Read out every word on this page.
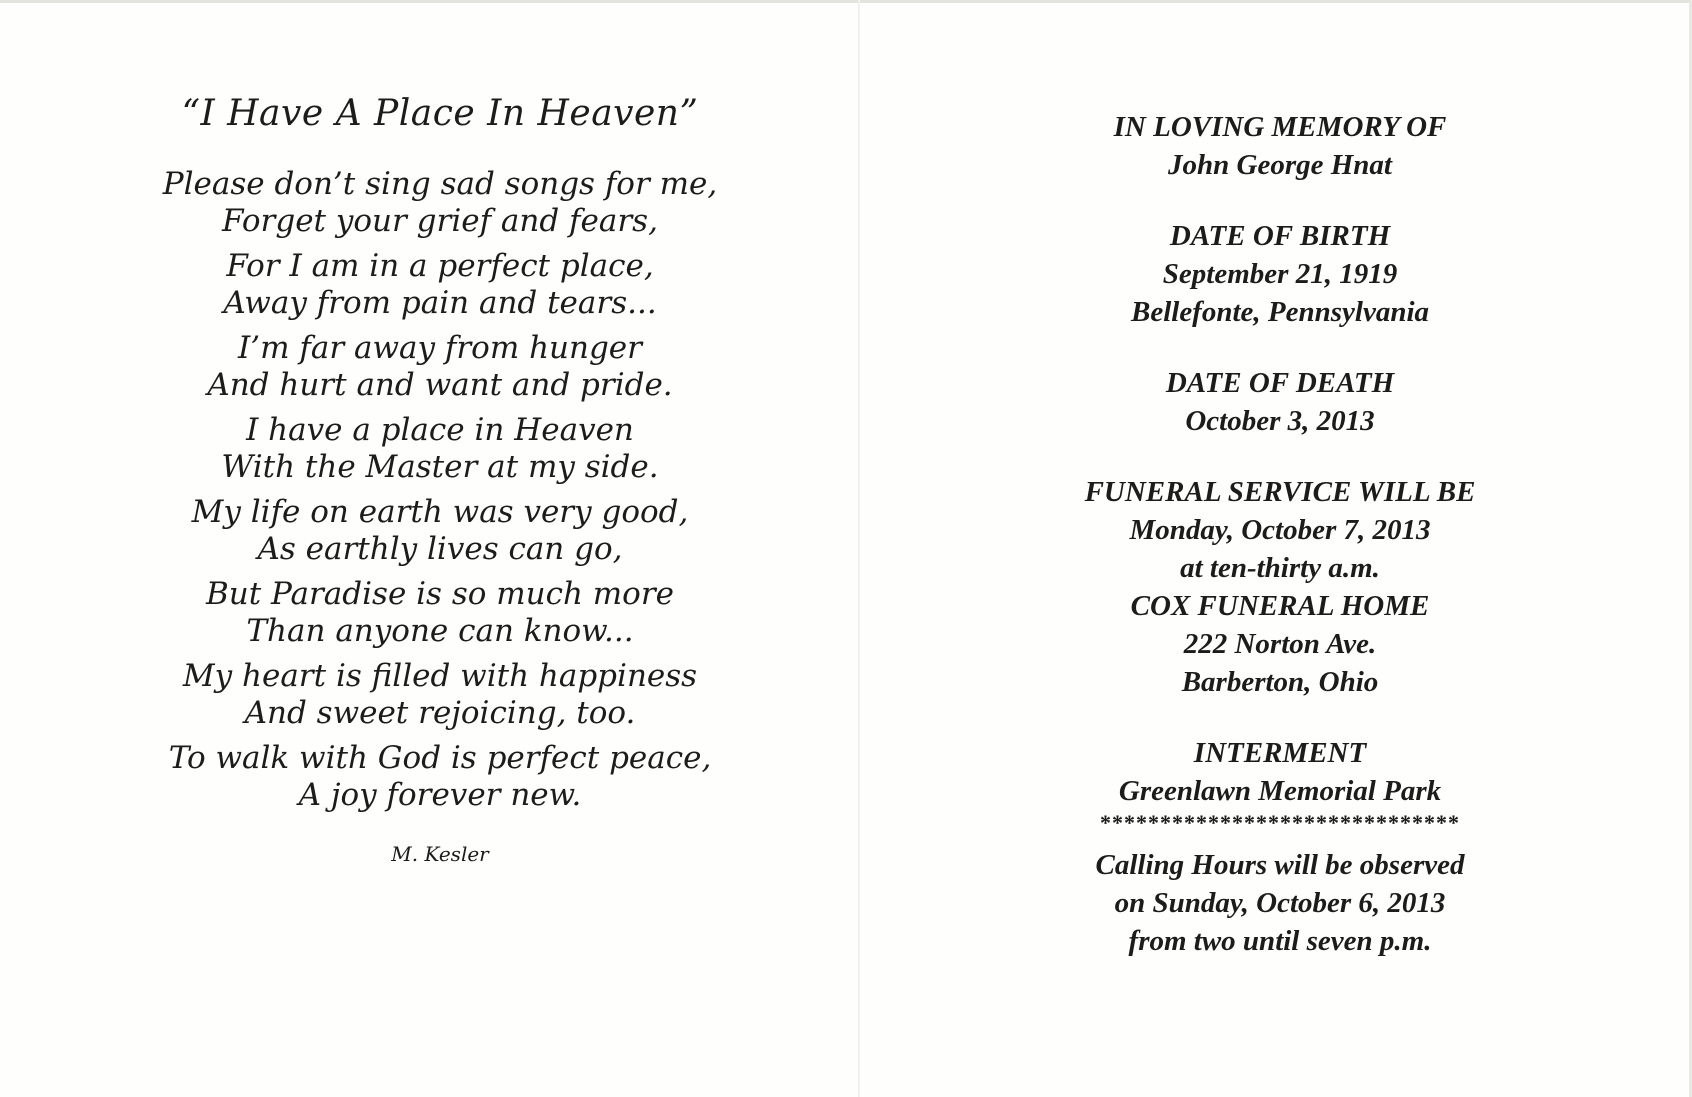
“I Have A Place In Heaven”
Please don’t sing sad songs for me,
Forget your grief and fears,
For I am in a perfect place,
Away from pain and tears...
I’m far away from hunger
And hurt and want and pride.
I have a place in Heaven
With the Master at my side.
My life on earth was very good,
As earthly lives can go,
But Paradise is so much more
Than anyone can know...
My heart is filled with happiness
And sweet rejoicing, too.
To walk with God is perfect peace,
A joy forever new.
M. Kesler
IN LOVING MEMORY OF
John George Hnat
DATE OF BIRTH
September 21, 1919
Bellefonte, Pennsylvania
DATE OF DEATH
October 3, 2013
FUNERAL SERVICE WILL BE
Monday, October 7, 2013
at ten-thirty a.m.
COX FUNERAL HOME
222 Norton Ave.
Barberton, Ohio
INTERMENT
Greenlawn Memorial Park
******************************
Calling Hours will be observed
on Sunday, October 6, 2013
from two until seven p.m.
